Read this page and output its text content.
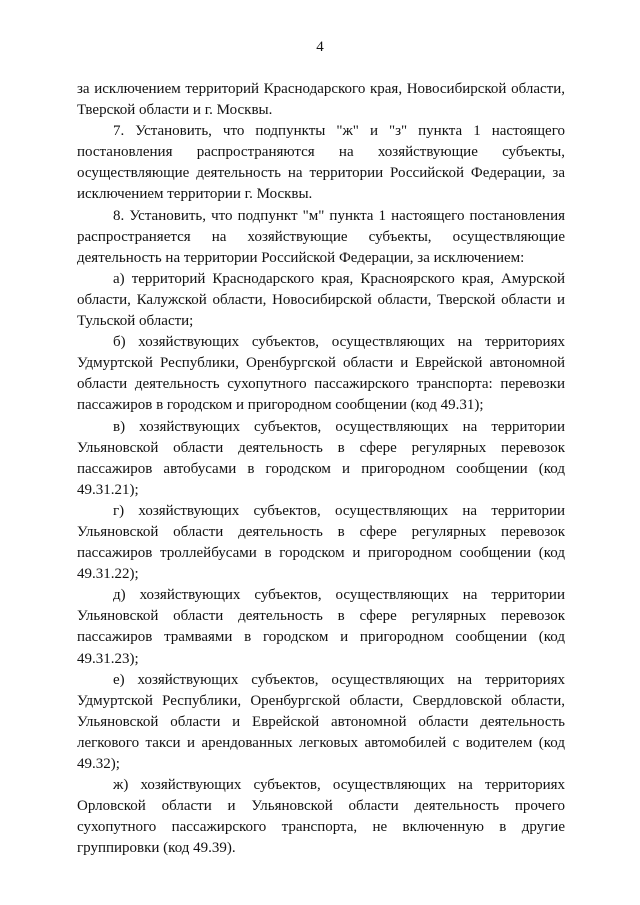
4

за исключением территорий Краснодарского края, Новосибирской области, Тверской области и г. Москвы.

7. Установить, что подпункты "ж" и "з" пункта 1 настоящего постановления распространяются на хозяйствующие субъекты, осуществляющие деятельность на территории Российской Федерации, за исключением территории г. Москвы.

8. Установить, что подпункт "м" пункта 1 настоящего постановления распространяется на хозяйствующие субъекты, осуществляющие деятельность на территории Российской Федерации, за исключением:

а) территорий Краснодарского края, Красноярского края, Амурской области, Калужской области, Новосибирской области, Тверской области и Тульской области;

б) хозяйствующих субъектов, осуществляющих на территориях Удмуртской Республики, Оренбургской области и Еврейской автономной области деятельность сухопутного пассажирского транспорта: перевозки пассажиров в городском и пригородном сообщении (код 49.31);

в) хозяйствующих субъектов, осуществляющих на территории Ульяновской области деятельность в сфере регулярных перевозок пассажиров автобусами в городском и пригородном сообщении (код 49.31.21);

г) хозяйствующих субъектов, осуществляющих на территории Ульяновской области деятельность в сфере регулярных перевозок пассажиров троллейбусами в городском и пригородном сообщении (код 49.31.22);

д) хозяйствующих субъектов, осуществляющих на территории Ульяновской области деятельность в сфере регулярных перевозок пассажиров трамваями в городском и пригородном сообщении (код 49.31.23);

е) хозяйствующих субъектов, осуществляющих на территориях Удмуртской Республики, Оренбургской области, Свердловской области, Ульяновской области и Еврейской автономной области деятельность легкового такси и арендованных легковых автомобилей с водителем (код 49.32);

ж) хозяйствующих субъектов, осуществляющих на территориях Орловской области и Ульяновской области деятельность прочего сухопутного пассажирского транспорта, не включенную в другие группировки (код 49.39).
